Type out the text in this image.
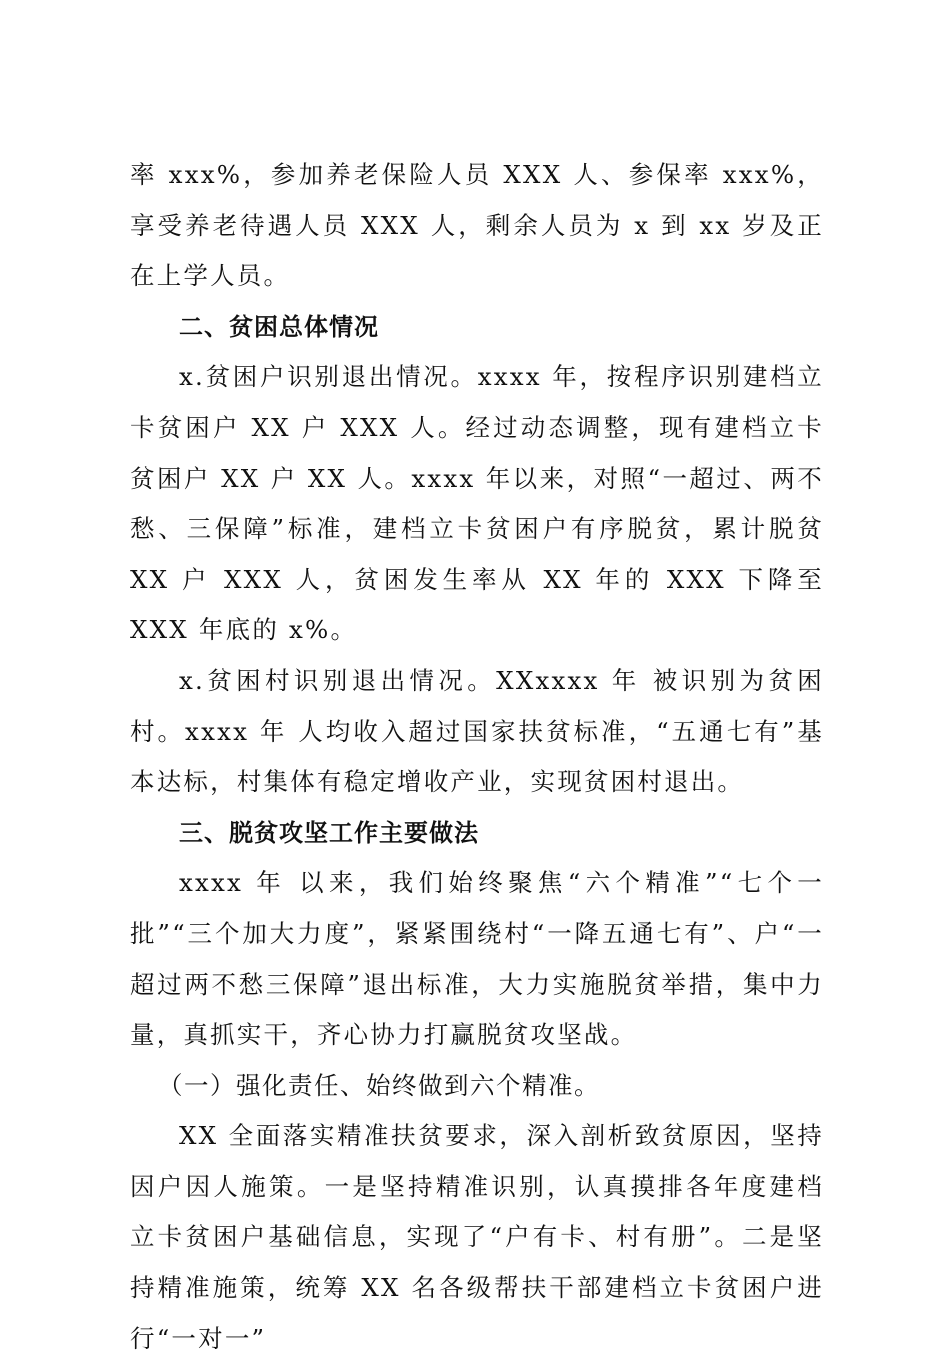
率 xxx%，参加养老保险人员 XXX 人、参保率 xxx%，享受养老待遇人员 XXX 人，剩余人员为 x 到 xx 岁及正在上学人员。

二、贫困总体情况

x.贫困户识别退出情况。xxxx 年，按程序识别建档立卡贫困户 XX 户 XXX 人。经过动态调整，现有建档立卡贫困户 XX 户 XX 人。xxxx 年以来，对照“一超过、两不愁、三保障”标准，建档立卡贫困户有序脱贫，累计脱贫 XX 户 XXX 人，贫困发生率从 XX 年的 XXX 下降至 XXX 年底的 x%。

x.贫困村识别退出情况。XXxxxx 年 被识别为贫困村。xxxx 年 人均收入超过国家扶贫标准，“五通七有”基本达标，村集体有稳定增收产业，实现贫困村退出。

三、脱贫攻坚工作主要做法

xxxx 年 以来，我们始终聚焦“六个精准”“七个一批”“三个加大力度”，紧紧围绕村“一降五通七有”、户“一超过两不愁三保障”退出标准，大力实施脱贫举措，集中力量，真抓实干，齐心协力打赢脱贫攻坚战。

（一）强化责任、始终做到六个精准。

XX 全面落实精准扶贫要求，深入剖析致贫原因，坚持因户因人施策。一是坚持精准识别，认真摸排各年度建档立卡贫困户基础信息，实现了“户有卡、村有册”。二是坚持精准施策，统筹 XX 名各级帮扶干部建档立卡贫困户进行“一对一”
